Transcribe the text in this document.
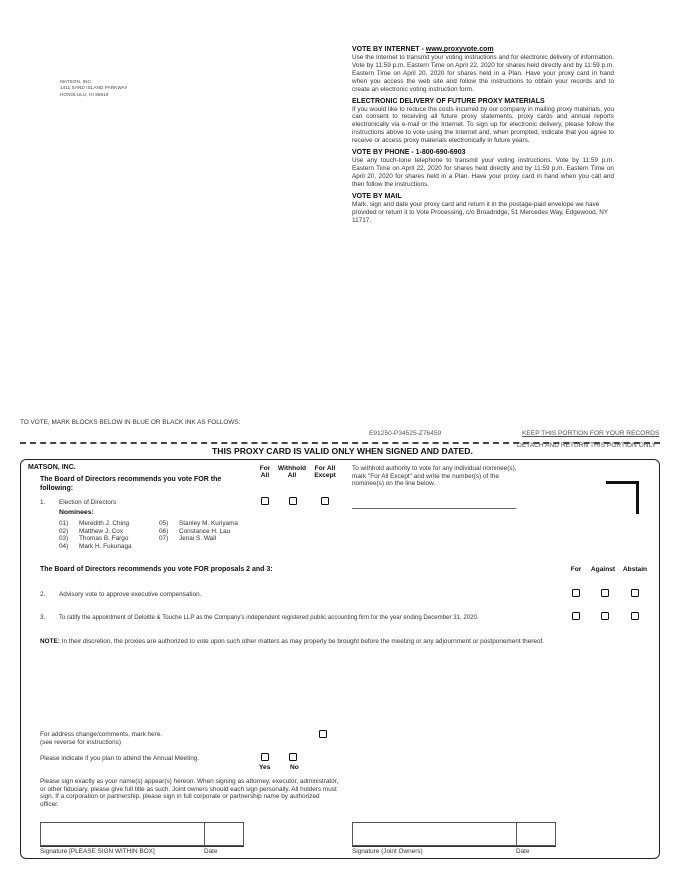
MATSON, INC.
1411 SAND ISLAND PARKWAY
HONOLULU, HI 96819
VOTE BY INTERNET - www.proxyvote.com
Use the Internet to transmit your voting instructions and for electronic delivery of information. Vote by 11:59 p.m. Eastern Time on April 22, 2020 for shares held directly and by 11:59 p.m. Eastern Time on April 20, 2020 for shares held in a Plan. Have your proxy card in hand when you access the web site and follow the instructions to obtain your records and to create an electronic voting instruction form.
ELECTRONIC DELIVERY OF FUTURE PROXY MATERIALS
If you would like to reduce the costs incurred by our company in mailing proxy materials, you can consent to receiving all future proxy statements, proxy cards and annual reports electronically via e-mail or the Internet. To sign up for electronic delivery, please follow the instructions above to vote using the Internet and, when prompted, indicate that you agree to receive or access proxy materials electronically in future years.
VOTE BY PHONE - 1-800-690-6903
Use any touch-tone telephone to transmit your voting instructions. Vote by 11:59 p.m. Eastern Time on April 22, 2020 for shares held directly and by 11:59 p.m. Eastern Time on April 20, 2020 for shares held in a Plan. Have your proxy card in hand when you call and then follow the instructions.
VOTE BY MAIL
Mark, sign and date your proxy card and return it in the postage-paid envelope we have provided or return it to Vote Processing, c/o Broadridge, 51 Mercedes Way, Edgewood, NY 11717.
TO VOTE, MARK BLOCKS BELOW IN BLUE OR BLACK INK AS FOLLOWS:
E91250-P34525-Z76459	KEEP THIS PORTION FOR YOUR RECORDS
THIS PROXY CARD IS VALID ONLY WHEN SIGNED AND DATED.
DETACH AND RETURN THIS PORTION ONLY
MATSON, INC.
The Board of Directors recommends you vote FOR the following:
For All
Withhold All
For All Except
To withhold authority to vote for any individual nominee(s), mark "For All Except" and write the number(s) of the nominee(s) on the line below.
1. Election of Directors
Nominees:
01) Meredith J. Ching
02) Matthew J. Cox
03) Thomas B. Fargo
04) Mark H. Fukunaga
05) Stanley M. Kuriyama
06) Constance H. Lau
07) Jenai S. Wall
The Board of Directors recommends you vote FOR proposals 2 and 3:	For	Against	Abstain
2. Advisory vote to approve executive compensation.
3. To ratify the appointment of Deloitte & Touche LLP as the Company's independent registered public accounting firm for the year ending December 31, 2020.
NOTE: In their discretion, the proxies are authorized to vote upon such other matters as may properly be brought before the meeting or any adjournment or postponement thereof.
For address change/comments, mark here.
(see reverse for instructions)
Please indicate if you plan to attend the Annual Meeting.
Yes	No
Please sign exactly as your name(s) appear(s) hereon. When signing as attorney, executor, administrator, or other fiduciary, please give full title as such. Joint owners should each sign personally. All holders must sign. If a corporation or partnership, please sign in full corporate or partnership name by authorized officer.
Signature [PLEASE SIGN WITHIN BOX]	Date	Signature (Joint Owners)	Date
